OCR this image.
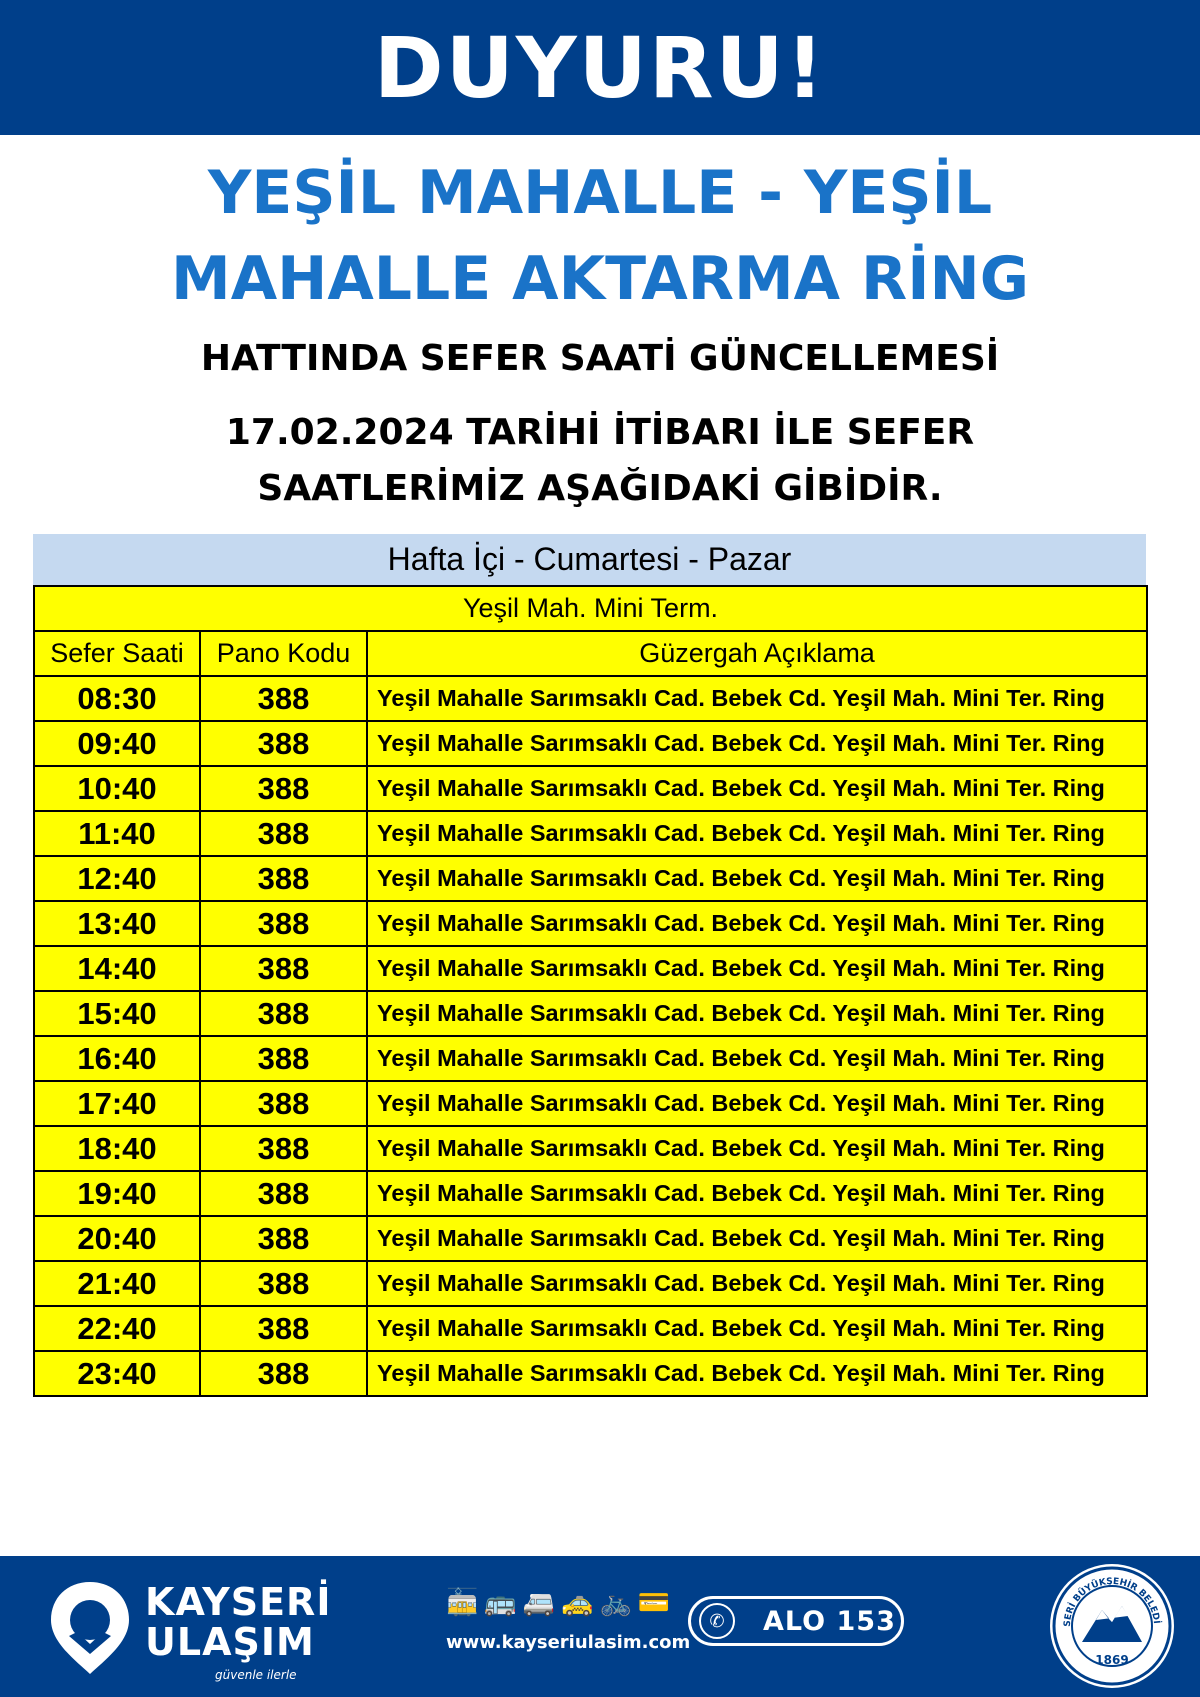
DUYURU!
YEŞİL MAHALLE - YEŞİL
MAHALLE AKTARMA RİNG
HATTINDA SEFER SAATİ GÜNCELLEMESİ
17.02.2024 TARİHİ İTİBARI İLE SEFER
SAATLERİMİZ AŞAĞIDAKİ GİBİDİR.
Hafta İçi - Cumartesi - Pazar
Yeşil Mah. Mini Term.		
Sefer Saati	Pano Kodu	Güzergah Açıklama
08:30	388	Yeşil Mahalle Sarımsaklı Cad. Bebek Cd. Yeşil Mah. Mini Ter. Ring
09:40	388	Yeşil Mahalle Sarımsaklı Cad. Bebek Cd. Yeşil Mah. Mini Ter. Ring
10:40	388	Yeşil Mahalle Sarımsaklı Cad. Bebek Cd. Yeşil Mah. Mini Ter. Ring
11:40	388	Yeşil Mahalle Sarımsaklı Cad. Bebek Cd. Yeşil Mah. Mini Ter. Ring
12:40	388	Yeşil Mahalle Sarımsaklı Cad. Bebek Cd. Yeşil Mah. Mini Ter. Ring
13:40	388	Yeşil Mahalle Sarımsaklı Cad. Bebek Cd. Yeşil Mah. Mini Ter. Ring
14:40	388	Yeşil Mahalle Sarımsaklı Cad. Bebek Cd. Yeşil Mah. Mini Ter. Ring
15:40	388	Yeşil Mahalle Sarımsaklı Cad. Bebek Cd. Yeşil Mah. Mini Ter. Ring
16:40	388	Yeşil Mahalle Sarımsaklı Cad. Bebek Cd. Yeşil Mah. Mini Ter. Ring
17:40	388	Yeşil Mahalle Sarımsaklı Cad. Bebek Cd. Yeşil Mah. Mini Ter. Ring
18:40	388	Yeşil Mahalle Sarımsaklı Cad. Bebek Cd. Yeşil Mah. Mini Ter. Ring
19:40	388	Yeşil Mahalle Sarımsaklı Cad. Bebek Cd. Yeşil Mah. Mini Ter. Ring
20:40	388	Yeşil Mahalle Sarımsaklı Cad. Bebek Cd. Yeşil Mah. Mini Ter. Ring
21:40	388	Yeşil Mahalle Sarımsaklı Cad. Bebek Cd. Yeşil Mah. Mini Ter. Ring
22:40	388	Yeşil Mahalle Sarımsaklı Cad. Bebek Cd. Yeşil Mah. Mini Ter. Ring
23:40	388	Yeşil Mahalle Sarımsaklı Cad. Bebek Cd. Yeşil Mah. Mini Ter. Ring
KAYSERİ
ULAŞIM
güvenle ilerle
🚋 🚌 🚐 🚕 🚲 💳
www.kayseriulasim.com
✆	ALO 153	SERİ BÜYÜKŞEHİR BELEDİ
1869
